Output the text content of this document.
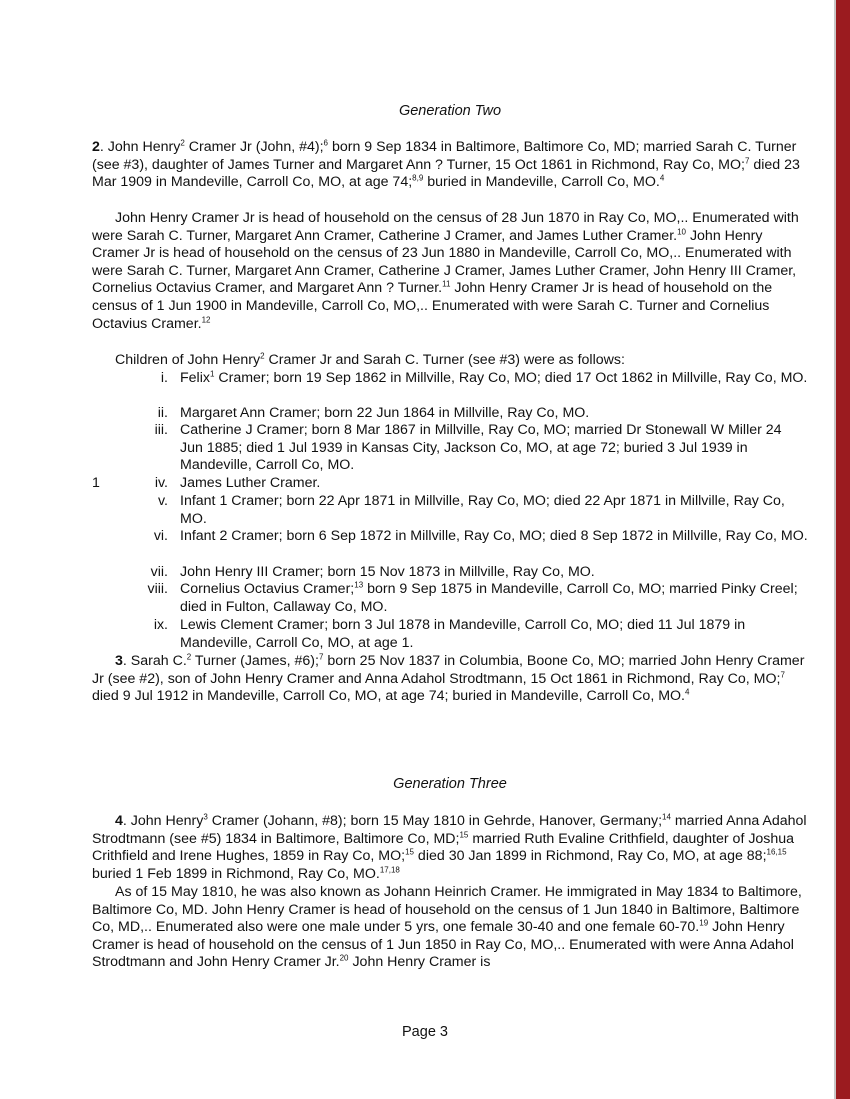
Generation Two

2. John Henry$^2$ Cramer Jr (John, #4);$^6$ born 9 Sep 1834 in Baltimore, Baltimore Co, MD; married Sarah C. Turner (see #3), daughter of James Turner and Margaret Ann ? Turner, 15 Oct 1861 in Richmond, Ray Co, MO;$^7$ died 23 Mar 1909 in Mandeville, Carroll Co, MO, at age 74;$^{8,9}$ buried in Mandeville, Carroll Co, MO.$^4$

John Henry Cramer Jr is head of household on the census of 28 Jun 1870 in Ray Co, MO,.. Enumerated with were Sarah C. Turner, Margaret Ann Cramer, Catherine J Cramer, and James Luther Cramer.$^{10}$ John Henry Cramer Jr is head of household on the census of 23 Jun 1880 in Mandeville, Carroll Co, MO,.. Enumerated with were Sarah C. Turner, Margaret Ann Cramer, Catherine J Cramer, James Luther Cramer, John Henry III Cramer, Cornelius Octavius Cramer, and Margaret Ann ? Turner.$^{11}$ John Henry Cramer Jr is head of household on the census of 1 Jun 1900 in Mandeville, Carroll Co, MO,.. Enumerated with were Sarah C. Turner and Cornelius Octavius Cramer.$^{12}$

Children of John Henry$^2$ Cramer Jr and Sarah C. Turner (see #3) were as follows:

i. Felix$^1$ Cramer; born 19 Sep 1862 in Millville, Ray Co, MO; died 17 Oct 1862 in Millville, Ray Co, MO.
ii. Margaret Ann Cramer; born 22 Jun 1864 in Millville, Ray Co, MO.
iii. Catherine J Cramer; born 8 Mar 1867 in Millville, Ray Co, MO; married Dr Stonewall W Miller 24 Jun 1885; died 1 Jul 1939 in Kansas City, Jackson Co, MO, at age 72; buried 3 Jul 1939 in Mandeville, Carroll Co, MO.
1	iv. James Luther Cramer.
v. Infant 1 Cramer; born 22 Apr 1871 in Millville, Ray Co, MO; died 22 Apr 1871 in Millville, Ray Co, MO.
vi. Infant 2 Cramer; born 6 Sep 1872 in Millville, Ray Co, MO; died 8 Sep 1872 in Millville, Ray Co, MO.
vii. John Henry III Cramer; born 15 Nov 1873 in Millville, Ray Co, MO.
viii. Cornelius Octavius Cramer;$^{13}$ born 9 Sep 1875 in Mandeville, Carroll Co, MO; married Pinky Creel; died in Fulton, Callaway Co, MO.
ix. Lewis Clement Cramer; born 3 Jul 1878 in Mandeville, Carroll Co, MO; died 11 Jul 1879 in Mandeville, Carroll Co, MO, at age 1.

3. Sarah C.$^2$ Turner (James, #6);$^7$ born 25 Nov 1837 in Columbia, Boone Co, MO; married John Henry Cramer Jr (see #2), son of John Henry Cramer and Anna Adahol Strodtmann, 15 Oct 1861 in Richmond, Ray Co, MO;$^7$ died 9 Jul 1912 in Mandeville, Carroll Co, MO, at age 74; buried in Mandeville, Carroll Co, MO.$^4$

Generation Three

4. John Henry$^3$ Cramer (Johann, #8); born 15 May 1810 in Gehrde, Hanover, Germany;$^{14}$ married Anna Adahol Strodtmann (see #5) 1834 in Baltimore, Baltimore Co, MD;$^{15}$ married Ruth Evaline Crithfield, daughter of Joshua Crithfield and Irene Hughes, 1859 in Ray Co, MO;$^{15}$ died 30 Jan 1899 in Richmond, Ray Co, MO, at age 88;$^{16,15}$ buried 1 Feb 1899 in Richmond, Ray Co, MO.$^{17,18}$

As of 15 May 1810, he was also known as Johann Heinrich Cramer. He immigrated in May 1834 to Baltimore, Baltimore Co, MD. John Henry Cramer is head of household on the census of 1 Jun 1840 in Baltimore, Baltimore Co, MD,.. Enumerated also were one male under 5 yrs, one female 30-40 and one female 60-70.19 John Henry Cramer is head of household on the census of 1 Jun 1850 in Ray Co, MO,.. Enumerated with were Anna Adahol Strodtmann and John Henry Cramer Jr.$^{20}$ John Henry Cramer is

Page 3
